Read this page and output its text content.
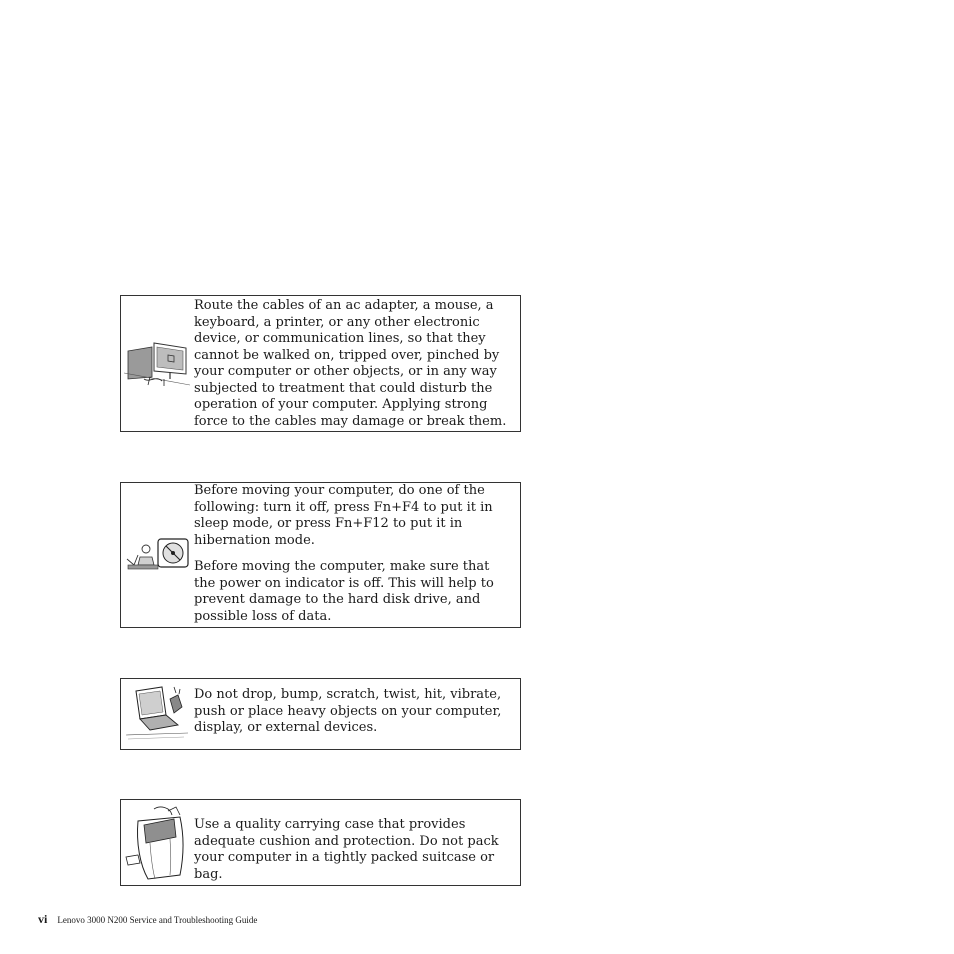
Route the cables of an ac adapter, a mouse, a keyboard, a printer, or any other electronic device, or communication lines, so that they cannot be walked on, tripped over, pinched by your computer or other objects, or in any way subjected to treatment that could disturb the operation of your computer. Applying strong force to the cables may damage or break them.

Before moving your computer, do one of the following: turn it off, press Fn+F4 to put it in sleep mode, or press Fn+F12 to put it in hibernation mode.

Before moving the computer, make sure that the power on indicator is off. This will help to prevent damage to the hard disk drive, and possible loss of data.

Do not drop, bump, scratch, twist, hit, vibrate, push or place heavy objects on your computer, display, or external devices.

Use a quality carrying case that provides adequate cushion and protection. Do not pack your computer in a tightly packed suitcase or bag.

vi Lenovo 3000 N200 Service and Troubleshooting Guide
